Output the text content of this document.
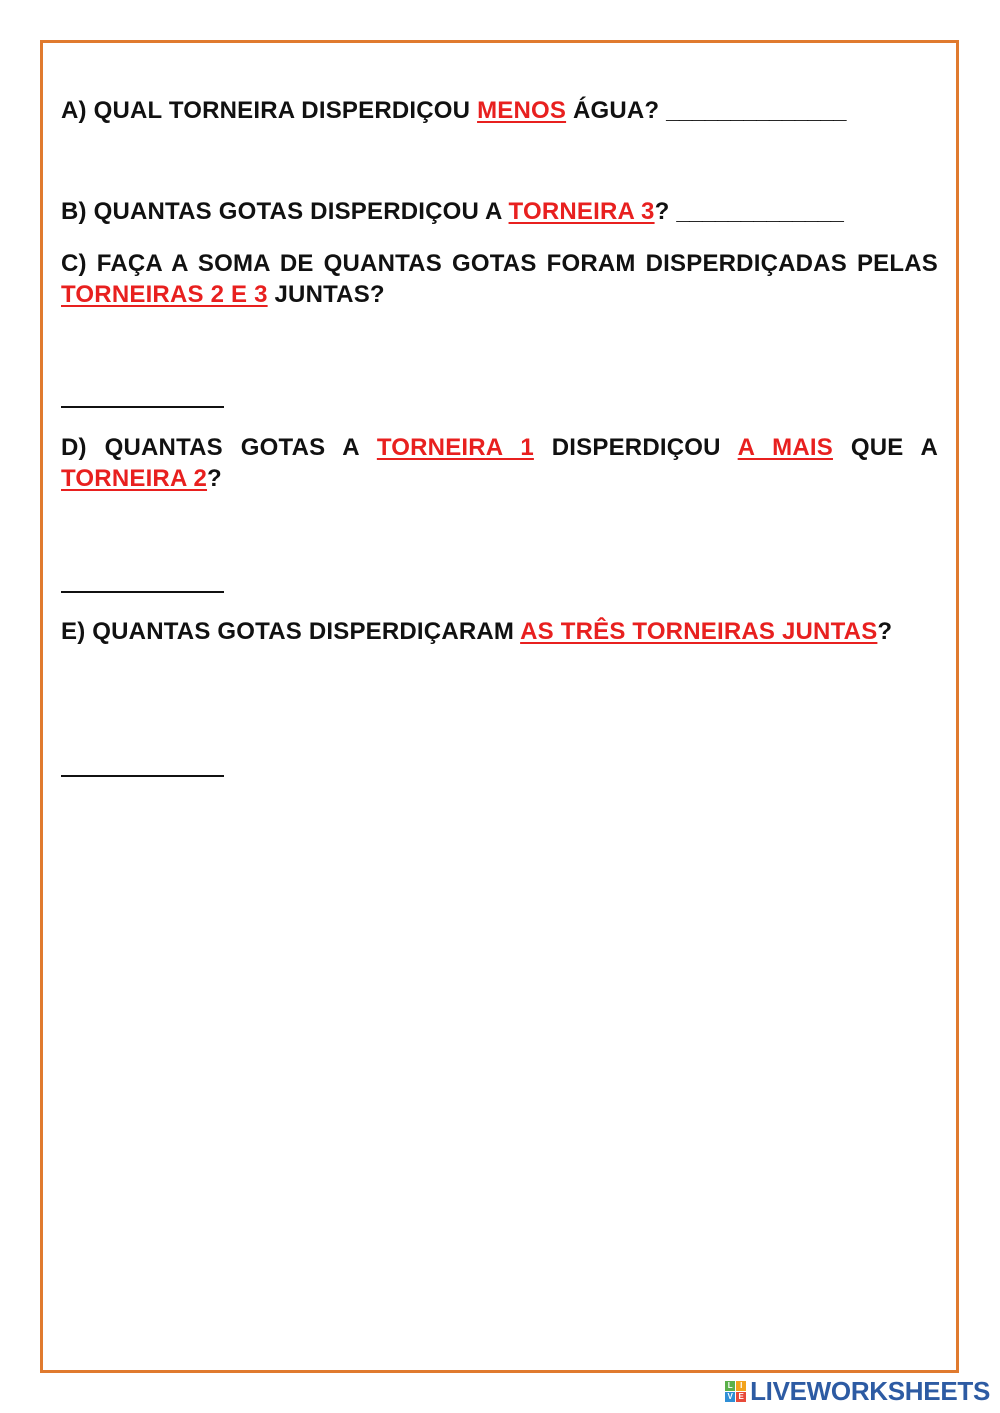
A) QUAL TORNEIRA DISPERDIÇOU MENOS ÁGUA? ______________
B) QUANTAS GOTAS DISPERDIÇOU A TORNEIRA 3? _____________
C) FAÇA A SOMA DE QUANTAS GOTAS FORAM DISPERDIÇADAS PELAS TORNEIRAS 2 E 3 JUNTAS?
D) QUANTAS GOTAS A TORNEIRA 1 DISPERDIÇOU A MAIS QUE A TORNEIRA 2?
E) QUANTAS GOTAS DISPERDIÇARAM AS TRÊS TORNEIRAS JUNTAS?
L I
V E LIVEWORKSHEETS
